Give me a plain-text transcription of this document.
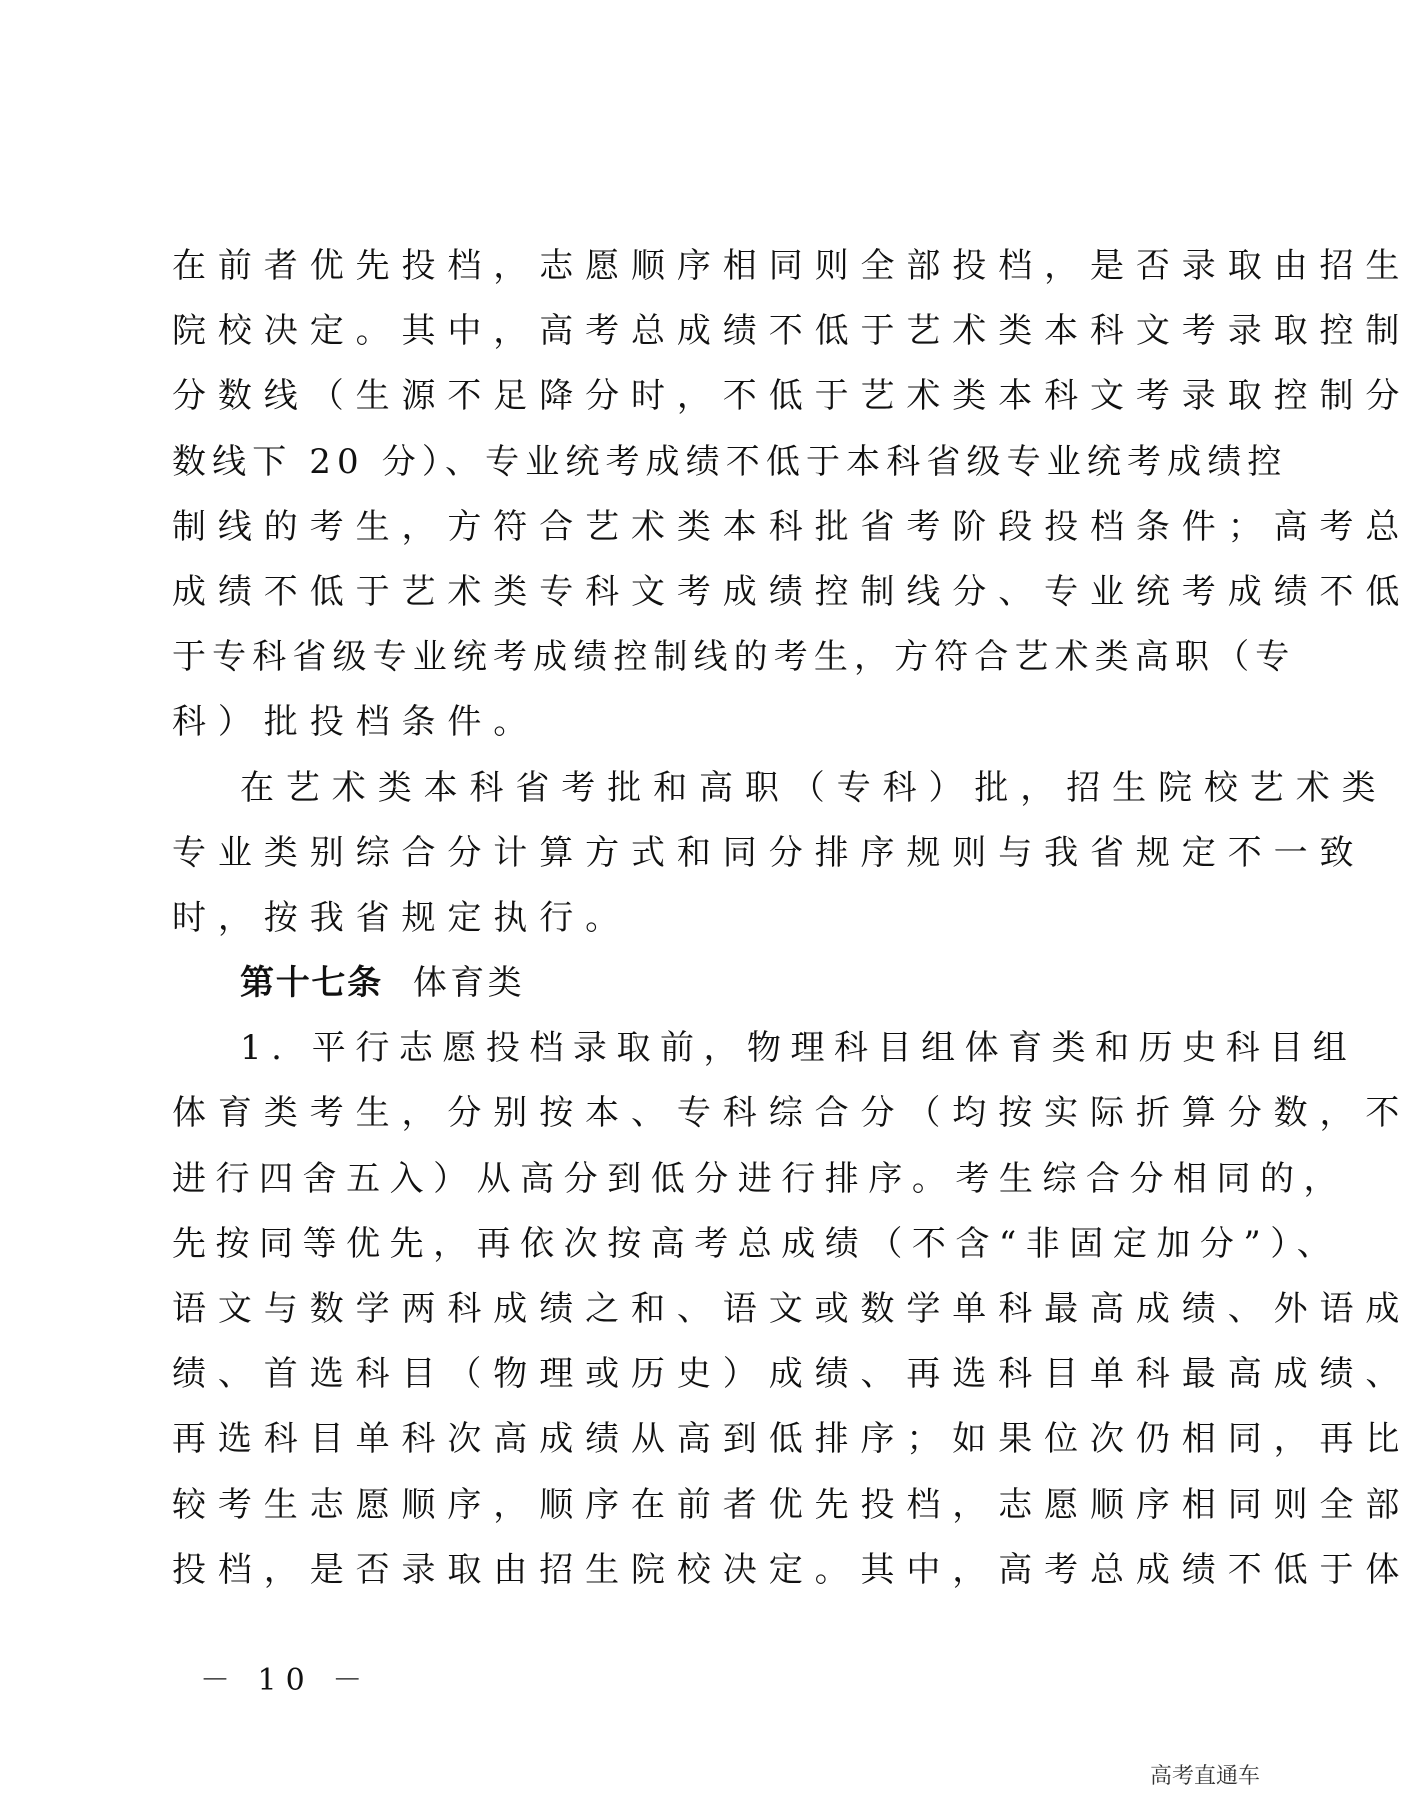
在前者优先投档，志愿顺序相同则全部投档，是否录取由招生
院校决定。其中，高考总成绩不低于艺术类本科文考录取控制
分数线（生源不足降分时，不低于艺术类本科文考录取控制分
数线下 20 分）、专业统考成绩不低于本科省级专业统考成绩控
制线的考生，方符合艺术类本科批省考阶段投档条件；高考总
成绩不低于艺术类专科文考成绩控制线分、专业统考成绩不低
于专科省级专业统考成绩控制线的考生，方符合艺术类高职（专
科）批投档条件。
在艺术类本科省考批和高职（专科）批，招生院校艺术类
专业类别综合分计算方式和同分排序规则与我省规定不一致
时，按我省规定执行。
第十七条 体育类
1. 平行志愿投档录取前，物理科目组体育类和历史科目组
体育类考生，分别按本、专科综合分（均按实际折算分数，不
进行四舍五入）从高分到低分进行排序。考生综合分相同的，
先按同等优先，再依次按高考总成绩（不含“非固定加分”）、
语文与数学两科成绩之和、语文或数学单科最高成绩、外语成
绩、首选科目（物理或历史）成绩、再选科目单科最高成绩、
再选科目单科次高成绩从高到低排序；如果位次仍相同，再比
较考生志愿顺序，顺序在前者优先投档，志愿顺序相同则全部
投档，是否录取由招生院校决定。其中，高考总成绩不低于体
－ 10 －
高考直通车
